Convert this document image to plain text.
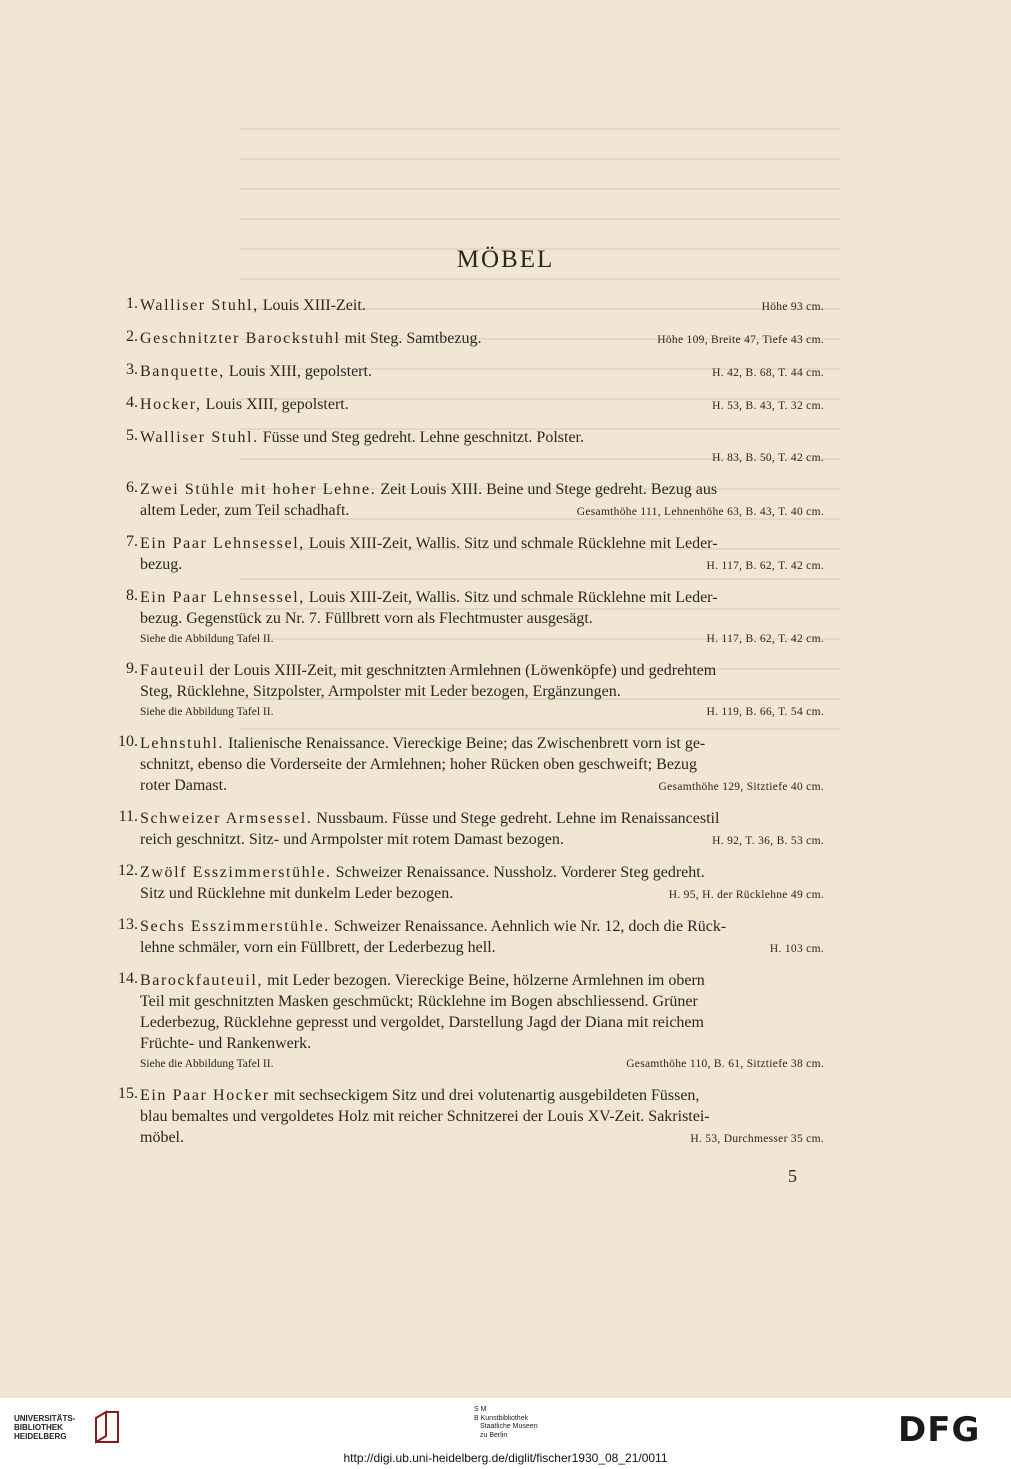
MÖBEL
1. Walliser Stuhl, Louis XIII-Zeit.	Höhe 93 cm.
2. Geschnitzter Barockstuhl mit Steg. Samtbezug.	Höhe 109, Breite 47, Tiefe 43 cm.
3. Banquette, Louis XIII, gepolstert.	H. 42, B. 68, T. 44 cm.
4. Hocker, Louis XIII, gepolstert.	H. 53, B. 43, T. 32 cm.
5. Walliser Stuhl. Füsse und Steg gedreht. Lehne geschnitzt. Polster.
H. 83, B. 50, T. 42 cm.
6. Zwei Stühle mit hoher Lehne. Zeit Louis XIII. Beine und Stege gedreht. Bezug aus
altem Leder, zum Teil schadhaft.	Gesamthöhe 111, Lehnenhöhe 63, B. 43, T. 40 cm.
7. Ein Paar Lehnsessel, Louis XIII-Zeit, Wallis. Sitz und schmale Rücklehne mit Leder-
bezug.	H. 117, B. 62, T. 42 cm.
8. Ein Paar Lehnsessel, Louis XIII-Zeit, Wallis. Sitz und schmale Rücklehne mit Leder-
bezug. Gegenstück zu Nr. 7. Füllbrett vorn als Flechtmuster ausgesägt.
Siehe die Abbildung Tafel II.	H. 117, B. 62, T. 42 cm.
9. Fauteuil der Louis XIII-Zeit, mit geschnitzten Armlehnen (Löwenköpfe) und gedrehtem
Steg, Rücklehne, Sitzpolster, Armpolster mit Leder bezogen, Ergänzungen.
Siehe die Abbildung Tafel II.	H. 119, B. 66, T. 54 cm.
10. Lehnstuhl. Italienische Renaissance. Viereckige Beine; das Zwischenbrett vorn ist ge-
schnitzt, ebenso die Vorderseite der Armlehnen; hoher Rücken oben geschweift; Bezug
roter Damast.	Gesamthöhe 129, Sitztiefe 40 cm.
11. Schweizer Armsessel. Nussbaum. Füsse und Stege gedreht. Lehne im Renaissancestil
reich geschnitzt. Sitz- und Armpolster mit rotem Damast bezogen.	H. 92, T. 36, B. 53 cm.
12. Zwölf Esszimmerstühle. Schweizer Renaissance. Nussholz. Vorderer Steg gedreht.
Sitz und Rücklehne mit dunkelm Leder bezogen.	H. 95, H. der Rücklehne 49 cm.
13. Sechs Esszimmerstühle. Schweizer Renaissance. Aehnlich wie Nr. 12, doch die Rück-
lehne schmäler, vorn ein Füllbrett, der Lederbezug hell.	H. 103 cm.
14. Barockfauteuil, mit Leder bezogen. Viereckige Beine, hölzerne Armlehnen im obern
Teil mit geschnitzten Masken geschmückt; Rücklehne im Bogen abschliessend. Grüner
Lederbezug, Rücklehne gepresst und vergoldet, Darstellung Jagd der Diana mit reichem
Früchte- und Rankenwerk.
Siehe die Abbildung Tafel II.	Gesamthöhe 110, B. 61, Sitztiefe 38 cm.
15. Ein Paar Hocker mit sechseckigem Sitz und drei volutenartig ausgebildeten Füssen,
blau bemaltes und vergoldetes Holz mit reicher Schnitzerei der Louis XV-Zeit. Sakristei-
möbel.	H. 53, Durchmesser 35 cm.
5
UNIVERSITÄTS-
BIBLIOTHEK
HEIDELBERG
S M
B Kunstbibliothek
Staatliche Museen
zu Berlin	DFG
http://digi.ub.uni-heidelberg.de/diglit/fischer1930_08_21/0011
